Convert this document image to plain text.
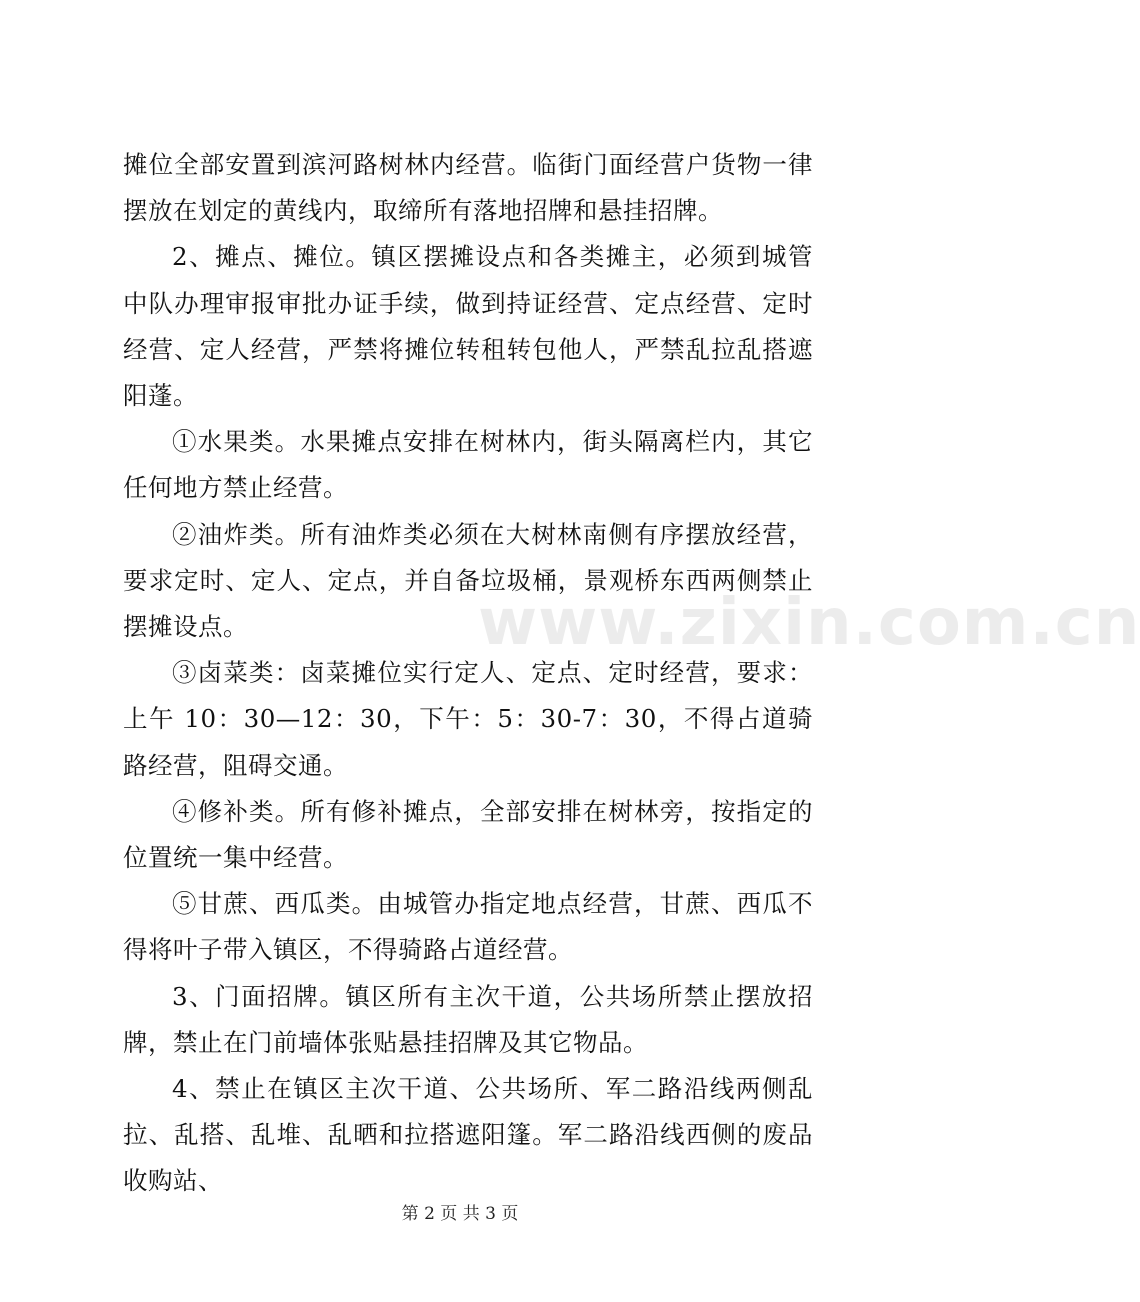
摊位全部安置到滨河路树林内经营。临街门面经营户货物一律摆放在划定的黄线内，取缔所有落地招牌和悬挂招牌。

2、摊点、摊位。镇区摆摊设点和各类摊主，必须到城管中队办理审报审批办证手续，做到持证经营、定点经营、定时经营、定人经营，严禁将摊位转租转包他人，严禁乱拉乱搭遮阳蓬。

①水果类。水果摊点安排在树林内，街头隔离栏内，其它任何地方禁止经营。

②油炸类。所有油炸类必须在大树林南侧有序摆放经营，要求定时、定人、定点，并自备垃圾桶，景观桥东西两侧禁止摆摊设点。

③卤菜类：卤菜摊位实行定人、定点、定时经营，要求：上午 10：30—12：30，下午：5：30-7：30，不得占道骑路经营，阻碍交通。

④修补类。所有修补摊点，全部安排在树林旁，按指定的位置统一集中经营。

⑤甘蔗、西瓜类。由城管办指定地点经营，甘蔗、西瓜不得将叶子带入镇区，不得骑路占道经营。

3、门面招牌。镇区所有主次干道，公共场所禁止摆放招牌，禁止在门前墙体张贴悬挂招牌及其它物品。

4、禁止在镇区主次干道、公共场所、军二路沿线两侧乱拉、乱搭、乱堆、乱晒和拉搭遮阳篷。军二路沿线西侧的废品收购站、

www.zixin.com.cn
第 2 页 共 3 页
